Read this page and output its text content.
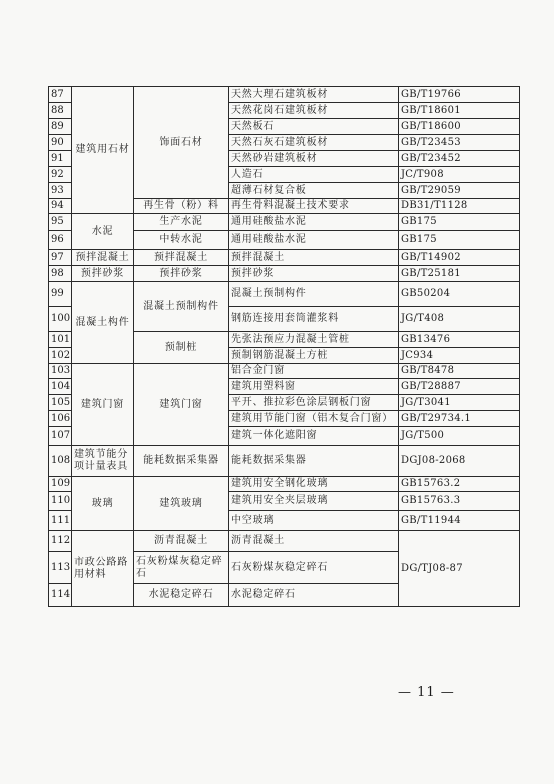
87	建筑用石材	饰面石材	天然大理石建筑板材	GB/T19766
88			天然花岗石建筑板材	GB/T18601
89			天然板石	GB/T18600
90			天然石灰石建筑板材	GB/T23453
91			天然砂岩建筑板材	GB/T23452
92			人造石	JC/T908
93			超薄石材复合板	GB/T29059
94		再生骨（粉）料	再生骨料混凝土技术要求	DB31/T1128
95	水泥	生产水泥	通用硅酸盐水泥	GB175
96		中转水泥	通用硅酸盐水泥	GB175
97	预拌混凝土	预拌混凝土	预拌混凝土	GB/T14902
98	预拌砂浆	预拌砂浆	预拌砂浆	GB/T25181
99	混凝土构件	混凝土预制构件	混凝土预制构件	GB50204
100			钢筋连接用套筒灌浆料	JG/T408
101		预制桩	先张法预应力混凝土管桩	GB13476
102			预制钢筋混凝土方桩	JC934
103	建筑门窗	建筑门窗	铝合金门窗	GB/T8478
104			建筑用塑料窗	GB/T28887
105			平开、推拉彩色涂层钢板门窗	JG/T3041
106			建筑用节能门窗（铝木复合门窗）	GB/T29734.1
107			建筑一体化遮阳窗	JG/T500
108	建筑节能分项计量表具	能耗数据采集器	能耗数据采集器	DGJ08-2068
109	玻璃	建筑玻璃	建筑用安全钢化玻璃	GB15763.2
110			建筑用安全夹层玻璃	GB15763.3
111			中空玻璃	GB/T11944
112	市政公路路用材料	沥青混凝土	沥青混凝土	DG/TJ08-87
113		石灰粉煤灰稳定碎石	石灰粉煤灰稳定碎石	
114		水泥稳定碎石	水泥稳定碎石	
— 11 —
